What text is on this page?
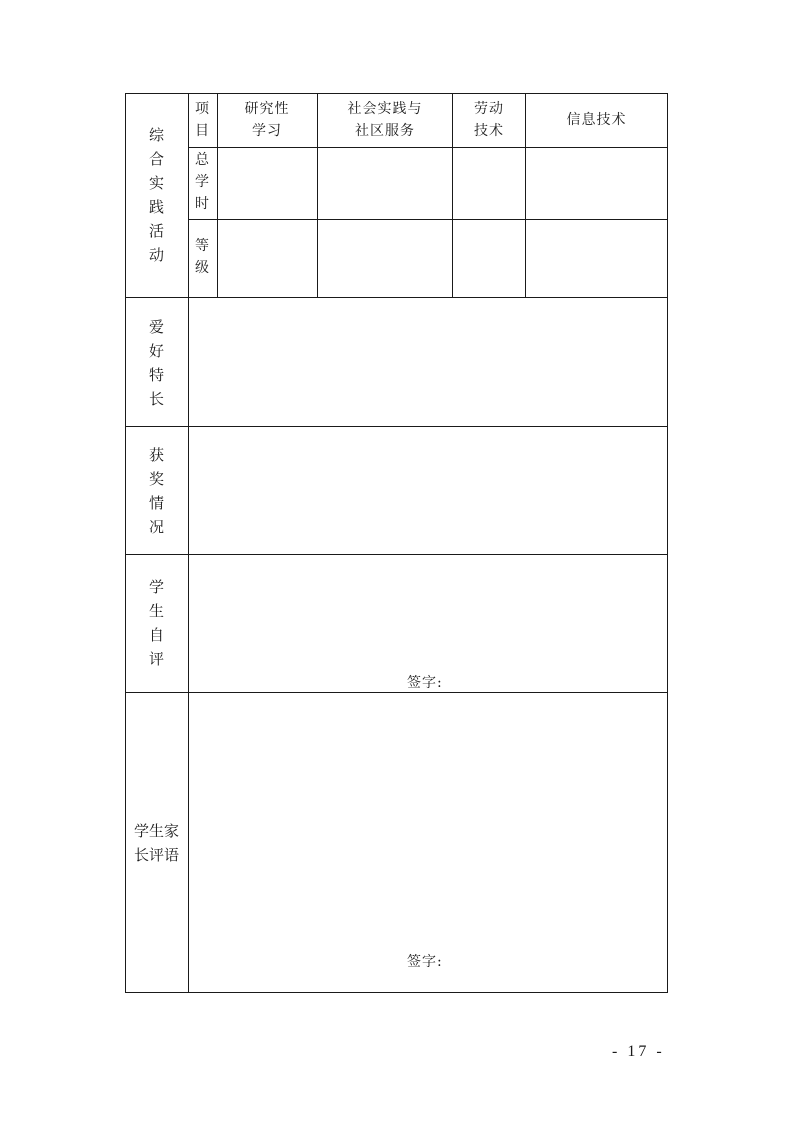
综合实践活动
项目
研究性学习
社会实践与社区服务
劳动技术
信息技术
总学时
等级
爱好特长
获奖情况
学生自评
签字:
学生家
长评语
签字:
- 17 -
